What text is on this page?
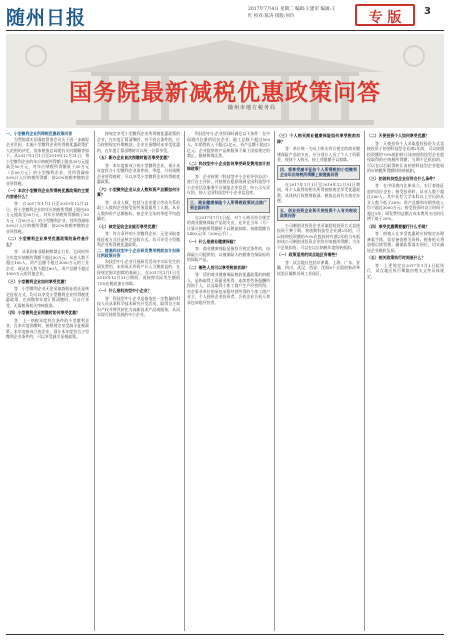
随州日报	2017年7月4日 星期二 编辑:王建军 编辑:王红 校对:陈涛 排版:何玲	专 版	3
国务院最新减税优惠政策问答
随州市地方税务局
一、小型微利企业所得税优惠政策问答

为贯彻落实国务院常务会议关于进一步减轻企业负担、实施小型微利企业所得税优惠政策扩大范围的决定，国家税务总局就有关问题解答如下。从2017年1月1日至2019年12月31日，将小型微利企业的年应纳税所得额上限由30万元提高至50万元，对年应纳税所得额低于50万元（含50万元）的小型微利企业，其所得减按50%计入应纳税所得额，按20%的税率缴纳企业所得税。

（一）本次小型微利企业所得税优惠政策的主要内容是什么？

答：自2017年1月1日至2019年12月31日，将小型微利企业的年应纳税所得额上限由30万元提高至50万元，对年应纳税所得额低于50万元（含50万元）的小型微利企业，其所得减按50%计入应纳税所得额，按20%的税率缴纳企业所得税。

（二）小型微利企业享受优惠政策的条件是什么？

答：从事国家非限制和禁止行业，且同时符合年度应纳税所得额不超过50万元、从业人数不超过100人、资产总额不超过3000万元的工业企业，或从业人数不超过80人、资产总额不超过1000万元的其他企业。

（三）小型微利企业如何享受优惠？

答：小型微利企业无论采取查账征收还是核定征收方式，均可以享受小型微利企业所得税优惠政策，在预缴和年度汇算清缴时，可自行享受，无需税务机关审核批准。

（四）小型微利企业预缴时如何享受优惠？

答：上一纳税年度符合条件的小型微利企业，在本年度预缴时，按照规定享受减半征税政策。本年度新成立的企业，预计本年度符合小型微利企业条件的，可以享受减半征税政策。

按规定享受小型微利企业所得税优惠政策的企业，在年度汇算清缴时，对不符合条件的，应当按照规定补缴税款。企业在预缴时未享受优惠的，在年度汇算清缴时可以统一计算享受。

（五）新办企业首次预缴时能否享受优惠？

答：本年度新成立的小型微利企业，预计本年度符合小型微利企业条件的，季度、月份预缴企业所得税时，可以享受小型微利企业所得税优惠政策。

（六）小型微利企业从业人数和资产总额如何计算？

答：从业人数，包括与企业建立劳动关系的职工人数和企业接受的劳务派遣用工人数。从业人数和资产总额指标，按企业全年的季度平均值确定。

（七）核定征收企业能否享受优惠？

答：符合条件的小型微利企业，无论采取查账征收方式还是核定征收方式，均可享受小型微利企业所得税优惠政策。

二、提高科技型中小企业研发费用税前加计扣除比例政策问答

科技型中小企业开展研发活动中实际发生的研发费用，未形成无形资产计入当期损益的，在按规定据实扣除的基础上，在2017年1月1日至2019年12月31日期间，再按照实际发生额的75%在税前加计扣除。

（一）什么是科技型中小企业？

答：科技型中小企业是指依托一定数量的科技人员从事科学技术研究开发活动，取得自主知识产权并将其转化为高新技术产品或服务，从而实现可持续发展的中小企业。

科技型中小企业须同时满足以下条件：在中国境内注册的居民企业；职工总数不超过500人、年销售收入不超过2亿元、资产总额不超过2亿元；企业提供的产品和服务不属于国家规定的禁止、限制和淘汰类。

（二）科技型中小企业如何享受研发费用加计扣除政策？

答：企业按照《科技型中小企业评价办法》进行自主评价，并按照自愿原则到全国科技型中小企业信息服务平台填报企业信息，经公示无异议的，纳入全国科技型中小企业信息库。

三、商业健康保险个人所得税政策试点推广到全国问答

自2017年7月1日起，对个人购买符合规定的商业健康保险产品的支出，允许在当年（月）计算应纳税所得额时予以税前扣除，扣除限额为2400元/年（200元/月）。

（一）什么是商业健康保险？

答：商业健康保险是指符合规定条件的，由保险公司提供的，以被保险人的健康为保险标的的保险产品。

（二）哪些人员可以享受税前扣除？

答：适用商业健康保险税收优惠政策的纳税人，是指取得工资薪金所得、连续性劳务报酬所得的个人，以及取得个体工商户生产经营所得、对企事业单位的承包承租经营所得的个体工商户业主、个人独资企业投资者、合伙企业合伙人和承包承租经营者。

（三）个人购买商业健康保险如何享受税前扣除？

答：单位统一为员工购买符合规定的商业健康保险产品的支出，应分别计入员工个人工资薪金，视同个人购买，按上述限额予以扣除。

四、将享受减半征收个人所得税的小型微利企业年应纳税所得额上限提高问答

在2017年1月1日至2019年12月31日期间，对个人取得的相关所得按照规定享受优惠政策，具体执行按照财政部、税务总局有关规定办理。

五、创业投资企业和天使投资个人有关税收政策问答

公司制创业投资企业采取股权投资方式直接投资于种子期、初创期科技型企业满2年的，可以按照投资额的70%在股权持有满2年的当年抵扣该公司制创业投资企业的应纳税所得额；当年不足抵扣的，可以在以后纳税年度结转抵扣。

（一）政策适用的试点地区有哪些？

答：试点地区包括京津冀、上海、广东、安徽、四川、武汉、西安、沈阳8个全面创新改革试验区域和苏州工业园区。

（二）天使投资个人如何享受优惠？

答：天使投资个人采取股权投资方式直接投资于初创科技型企业满2年的，可以按照投资额的70%抵扣转让该初创科技型企业股权取得的应纳税所得额；当期不足抵扣的，可以在以后取得转让该初创科技型企业股权的应纳税所得额时结转抵扣。

（三）初创科技型企业应符合什么条件？

答：在中国境内注册成立、实行查账征收的居民企业；接受投资时，从业人数不超过200人，其中具有大学本科以上学历的从业人数不低于30%；资产总额和年销售收入均不超过3000万元；接受投资时设立时间不超过5年；研发费用总额占成本费用支出的比例不低于20%。

（四）享受优惠需要履行什么手续？

答：纳税人在享受优惠时应按规定办理备案手续，留存备查相关资料。税务机关将加强后续管理，确保政策落实到位，切实减轻企业税收负担。

（五）相关政策执行时间是什么？

答：上述规定自2017年1月1日起执行，试点地区执行期限由相关文件具体规定。
